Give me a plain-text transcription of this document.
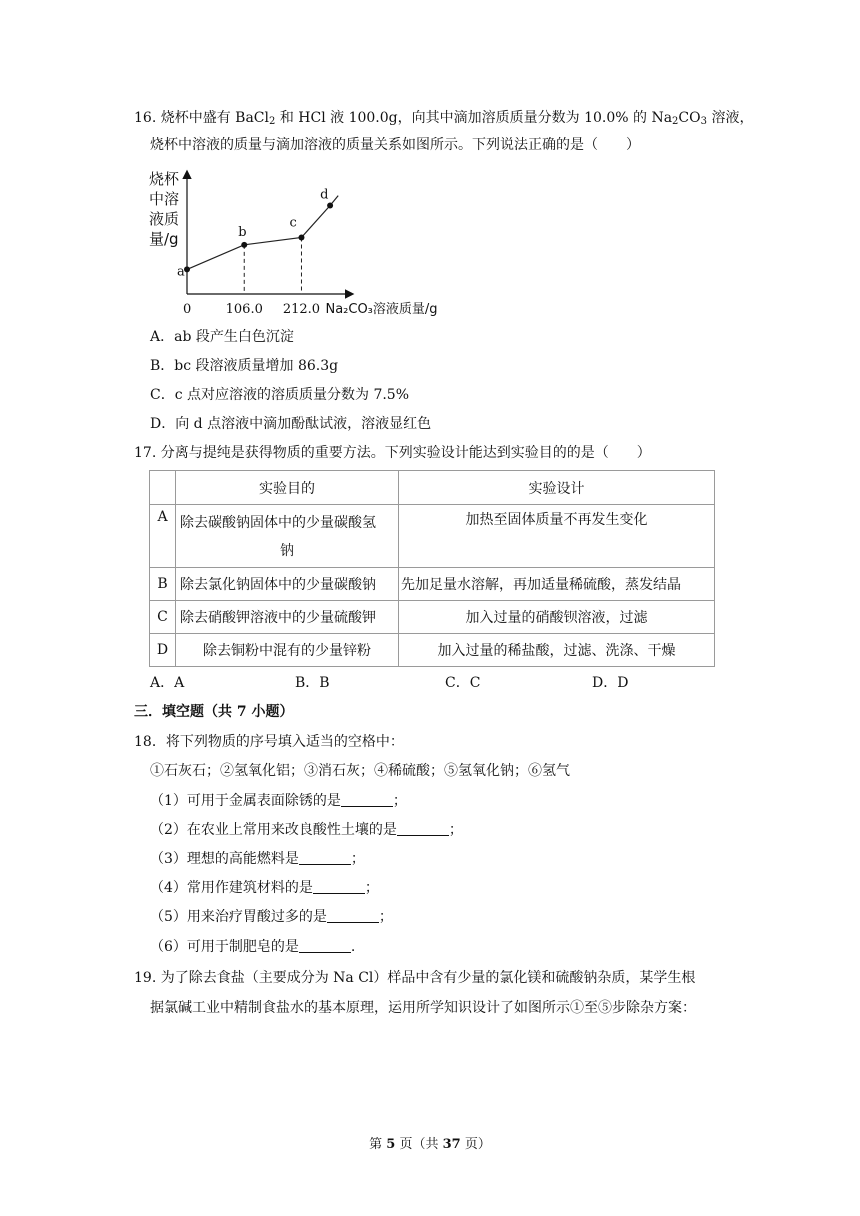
16. 烧杯中盛有 BaCl$_2$ 和 HCl 液 100.0g，向其中滴加溶质质量分数为 10.0% 的 $Na_2CO_3$ 溶液，
烧杯中溶液的质量与滴加溶液的质量关系如图所示。下列说法正确的是（　　）
烧杯
中溶
液质
量/g
a
b
c
d
0	106.0 212.0 Na₂CO₃溶液质量/g
A．ab 段产生白色沉淀
B．bc 段溶液质量增加 86.3g
C．c 点对应溶液的溶质质量分数为 7.5%
D．向 d 点溶液中滴加酚酞试液，溶液显红色
17. 分离与提纯是获得物质的重要方法。下列实验设计能达到实验目的的是（　　）
	实验目的	实验设计
A	除去碳酸钠固体中的少量碳酸氢
钠	加热至固体质量不再发生变化
B	除去氯化钠固体中的少量碳酸钠	先加足量水溶解，再加适量稀硫酸，蒸发结晶
C	除去硝酸钾溶液中的少量硫酸钾	加入过量的硝酸钡溶液，过滤
D	除去铜粉中混有的少量锌粉	加入过量的稀盐酸，过滤、洗涤、干燥
A．A	B．B	C．C	D．D
三．填空题（共 7 小题）
18．将下列物质的序号填入适当的空格中：
①石灰石；②氢氧化铝；③消石灰；④稀硫酸；⑤氢氧化钠；⑥氢气
（1）可用于金属表面除锈的是	；
（2）在农业上常用来改良酸性土壤的是	；
（3）理想的高能燃料是	；
（4）常用作建筑材料的是	；
（5）用来治疗胃酸过多的是	；
（6）可用于制肥皂的是	.
19. 为了除去食盐（主要成分为 Na Cl）样品中含有少量的氯化镁和硫酸钠杂质，某学生根
据氯碱工业中精制食盐水的基本原理，运用所学知识设计了如图所示①至⑤步除杂方案：
第 5 页（共 37 页）
